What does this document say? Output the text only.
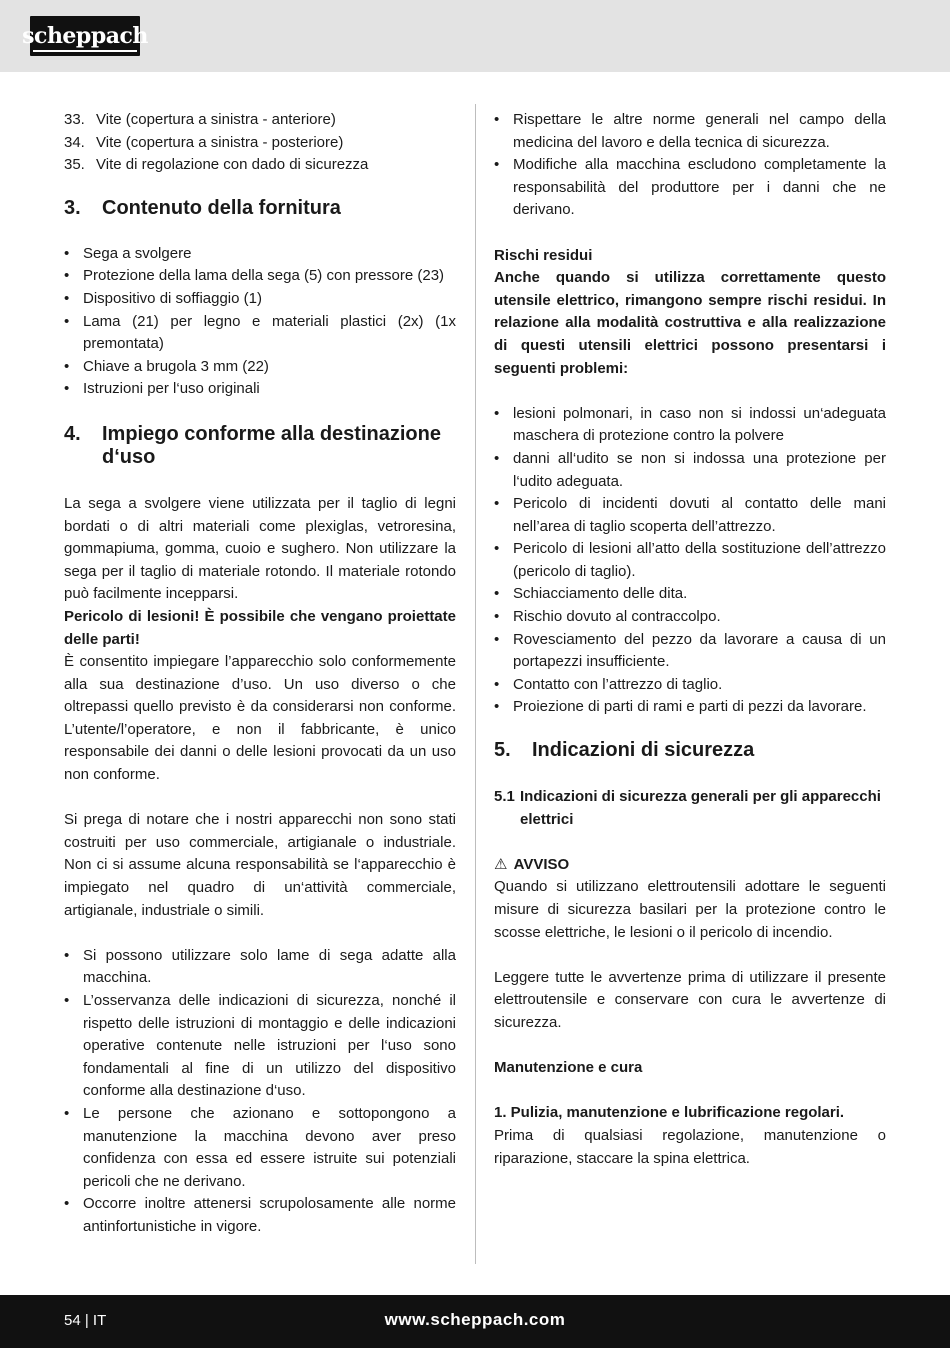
scheppach
33. Vite (copertura a sinistra - anteriore)
34. Vite (copertura a sinistra - posteriore)
35. Vite di regolazione con dado di sicurezza
3.	Contenuto della fornitura
• Sega a svolgere
• Protezione della lama della sega (5) con pressore (23)
• Dispositivo di soffiaggio (1)
• Lama (21) per legno e materiali plastici (2x) (1x premontata)
• Chiave a brugola 3 mm (22)
• Istruzioni per l‘uso originali
4.	Impiego conforme alla destinazione d‘uso

La sega a svolgere viene utilizzata per il taglio di legni bordati o di altri materiali come plexiglas, vetroresina, gommapiuma, gomma, cuoio e sughero. Non utilizzare la sega per il taglio di materiale rotondo. Il materiale rotondo può facilmente incepparsi.

Pericolo di lesioni! È possibile che vengano proiettate delle parti!

È consentito impiegare l’apparecchio solo conformemente alla sua destinazione d’uso. Un uso diverso o che oltrepassi quello previsto è da considerarsi non conforme. L’utente/l’operatore, e non il fabbricante, è unico responsabile dei danni o delle lesioni provocati da un uso non conforme.

Si prega di notare che i nostri apparecchi non sono stati costruiti per uso commerciale, artigianale o industriale. Non ci si assume alcuna responsabilità se l‘apparecchio è impiegato nel quadro di un‘attività commerciale, artigianale, industriale o simili.

• Si possono utilizzare solo lame di sega adatte alla macchina.
• L’osservanza delle indicazioni di sicurezza, nonché il rispetto delle istruzioni di montaggio e delle indicazioni operative contenute nelle istruzioni per l‘uso sono fondamentali al fine di un utilizzo del dispositivo conforme alla destinazione d‘uso.
• Le persone che azionano e sottopongono a manutenzione la macchina devono aver preso confidenza con essa ed essere istruite sui potenziali pericoli che ne derivano.
• Occorre inoltre attenersi scrupolosamente alle norme antinfortunistiche in vigore.
• Rispettare le altre norme generali nel campo della medicina del lavoro e della tecnica di sicurezza.
• Modifiche alla macchina escludono completamente la responsabilità del produttore per i danni che ne derivano.

Rischi residui

Anche quando si utilizza correttamente questo utensile elettrico, rimangono sempre rischi residui. In relazione alla modalità costruttiva e alla realizzazione di questi utensili elettrici possono presentarsi i seguenti problemi:

• lesioni polmonari, in caso non si indossi un‘adeguata maschera di protezione contro la polvere
• danni all‘udito se non si indossa una protezione per l‘udito adeguata.
• Pericolo di incidenti dovuti al contatto delle mani nell’area di taglio scoperta dell’attrezzo.
• Pericolo di lesioni all’atto della sostituzione dell’attrezzo (pericolo di taglio).
• Schiacciamento delle dita.
• Rischio dovuto al contraccolpo.
• Rovesciamento del pezzo da lavorare a causa di un portapezzi insufficiente.
• Contatto con l’attrezzo di taglio.
• Proiezione di parti di rami e parti di pezzi da lavorare.
5.	Indicazioni di sicurezza
5.1 Indicazioni di sicurezza generali per gli apparecchi elettrici

⚠ AVVISO

Quando si utilizzano elettroutensili adottare le seguenti misure di sicurezza basilari per la protezione contro le scosse elettriche, le lesioni o il pericolo di incendio.

Leggere tutte le avvertenze prima di utilizzare il presente elettroutensile e conservare con cura le avvertenze di sicurezza.

Manutenzione e cura

1. Pulizia, manutenzione e lubrificazione regolari.

Prima di qualsiasi regolazione, manutenzione o riparazione, staccare la spina elettrica.

54 | IT	www.scheppach.com
